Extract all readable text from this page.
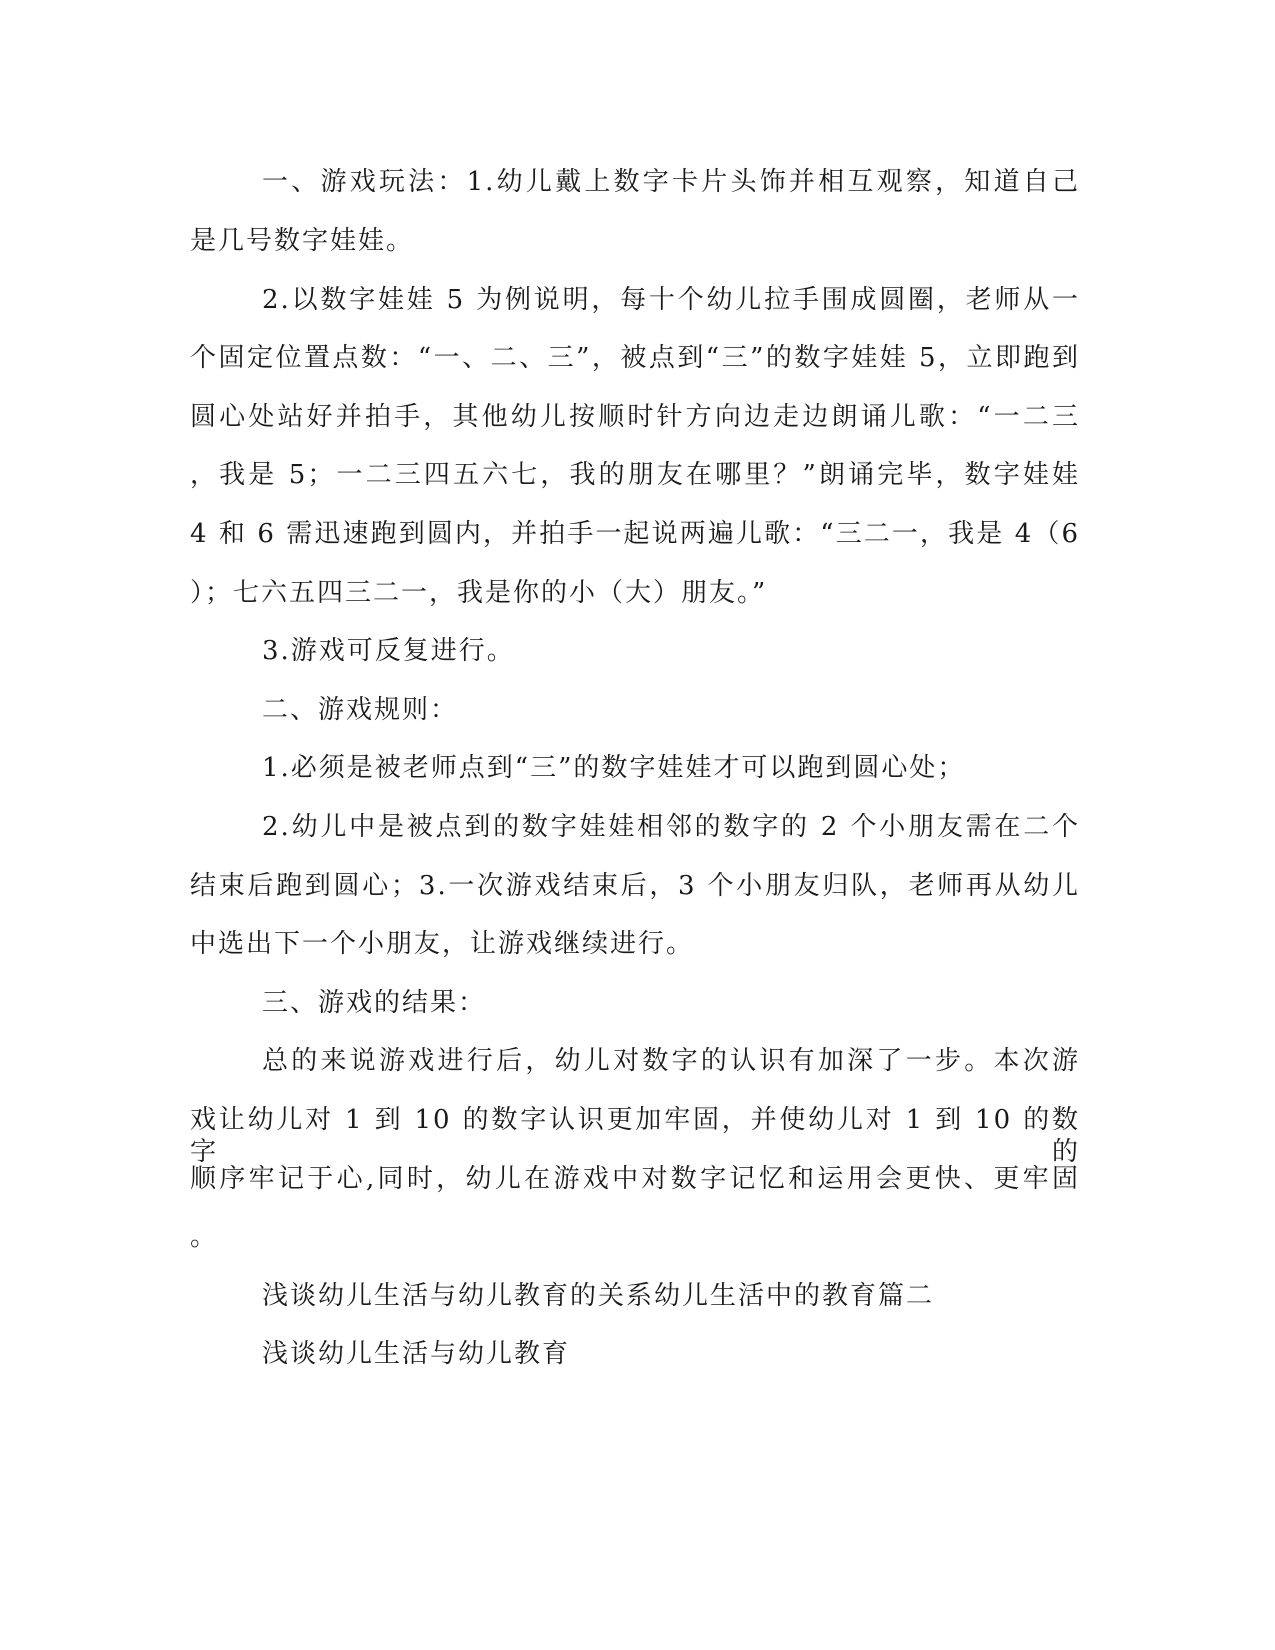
一、游戏玩法：1.幼儿戴上数字卡片头饰并相互观察，知道自己
是几号数字娃娃。
2.以数字娃娃 5 为例说明，每十个幼儿拉手围成圆圈，老师从一
个固定位置点数：“一、二、三”，被点到“三”的数字娃娃 5，立即跑到
圆心处站好并拍手，其他幼儿按顺时针方向边走边朗诵儿歌：“一二三
，我是 5；一二三四五六七，我的朋友在哪里？”朗诵完毕，数字娃娃
4 和 6 需迅速跑到圆内，并拍手一起说两遍儿歌：“三二一，我是 4（6
）；七六五四三二一，我是你的小（大）朋友。”
3.游戏可反复进行。
二、游戏规则：
1.必须是被老师点到“三”的数字娃娃才可以跑到圆心处；
2.幼儿中是被点到的数字娃娃相邻的数字的 2 个小朋友需在二个
结束后跑到圆心；3.一次游戏结束后，3 个小朋友归队，老师再从幼儿
中选出下一个小朋友，让游戏继续进行。
三、游戏的结果：
总的来说游戏进行后，幼儿对数字的认识有加深了一步。本次游
戏让幼儿对 1 到 10 的数字认识更加牢固，并使幼儿对 1 到 10 的数字的
顺序牢记于心,同时，幼儿在游戏中对数字记忆和运用会更快、更牢固
。
浅谈幼儿生活与幼儿教育的关系幼儿生活中的教育篇二
浅谈幼儿生活与幼儿教育
